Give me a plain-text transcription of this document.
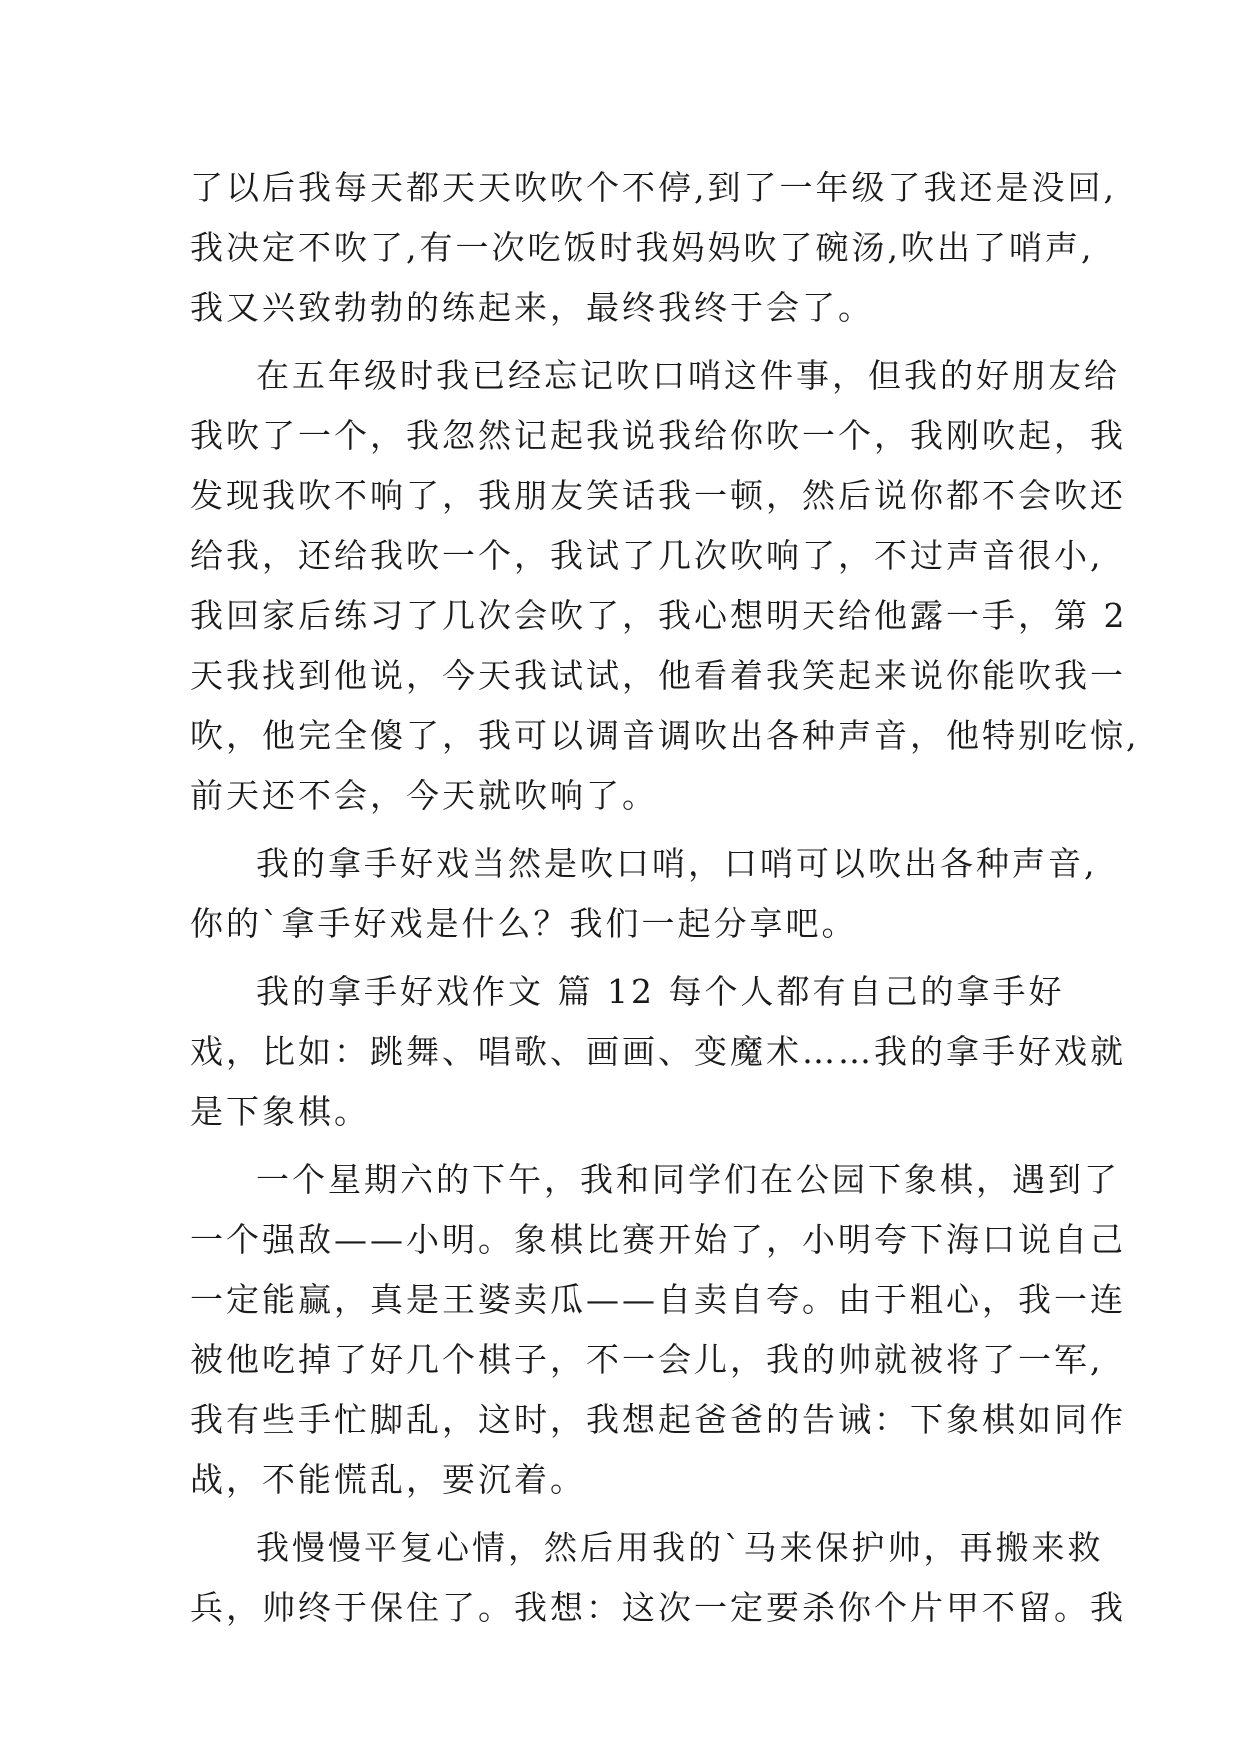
了以后我每天都天天吹吹个不停,到了一年级了我还是没回,
我决定不吹了,有一次吃饭时我妈妈吹了碗汤,吹出了哨声,
我又兴致勃勃的练起来，最终我终于会了。
在五年级时我已经忘记吹口哨这件事，但我的好朋友给
我吹了一个，我忽然记起我说我给你吹一个，我刚吹起，我
发现我吹不响了，我朋友笑话我一顿，然后说你都不会吹还
给我，还给我吹一个，我试了几次吹响了，不过声音很小,
我回家后练习了几次会吹了，我心想明天给他露一手，第 2
天我找到他说，今天我试试，他看着我笑起来说你能吹我一
吹，他完全傻了，我可以调音调吹出各种声音，他特别吃惊,
前天还不会，今天就吹响了。
我的拿手好戏当然是吹口哨，口哨可以吹出各种声音,
你的`拿手好戏是什么？我们一起分享吧。
我的拿手好戏作文 篇 12 每个人都有自己的拿手好
戏，比如：跳舞、唱歌、画画、变魔术……我的拿手好戏就
是下象棋。
一个星期六的下午，我和同学们在公园下象棋，遇到了
一个强敌——小明。象棋比赛开始了，小明夸下海口说自己
一定能赢，真是王婆卖瓜——自卖自夸。由于粗心，我一连
被他吃掉了好几个棋子，不一会儿，我的帅就被将了一军,
我有些手忙脚乱，这时，我想起爸爸的告诫：下象棋如同作
战，不能慌乱，要沉着。
我慢慢平复心情，然后用我的`马来保护帅，再搬来救
兵，帅终于保住了。我想：这次一定要杀你个片甲不留。我
